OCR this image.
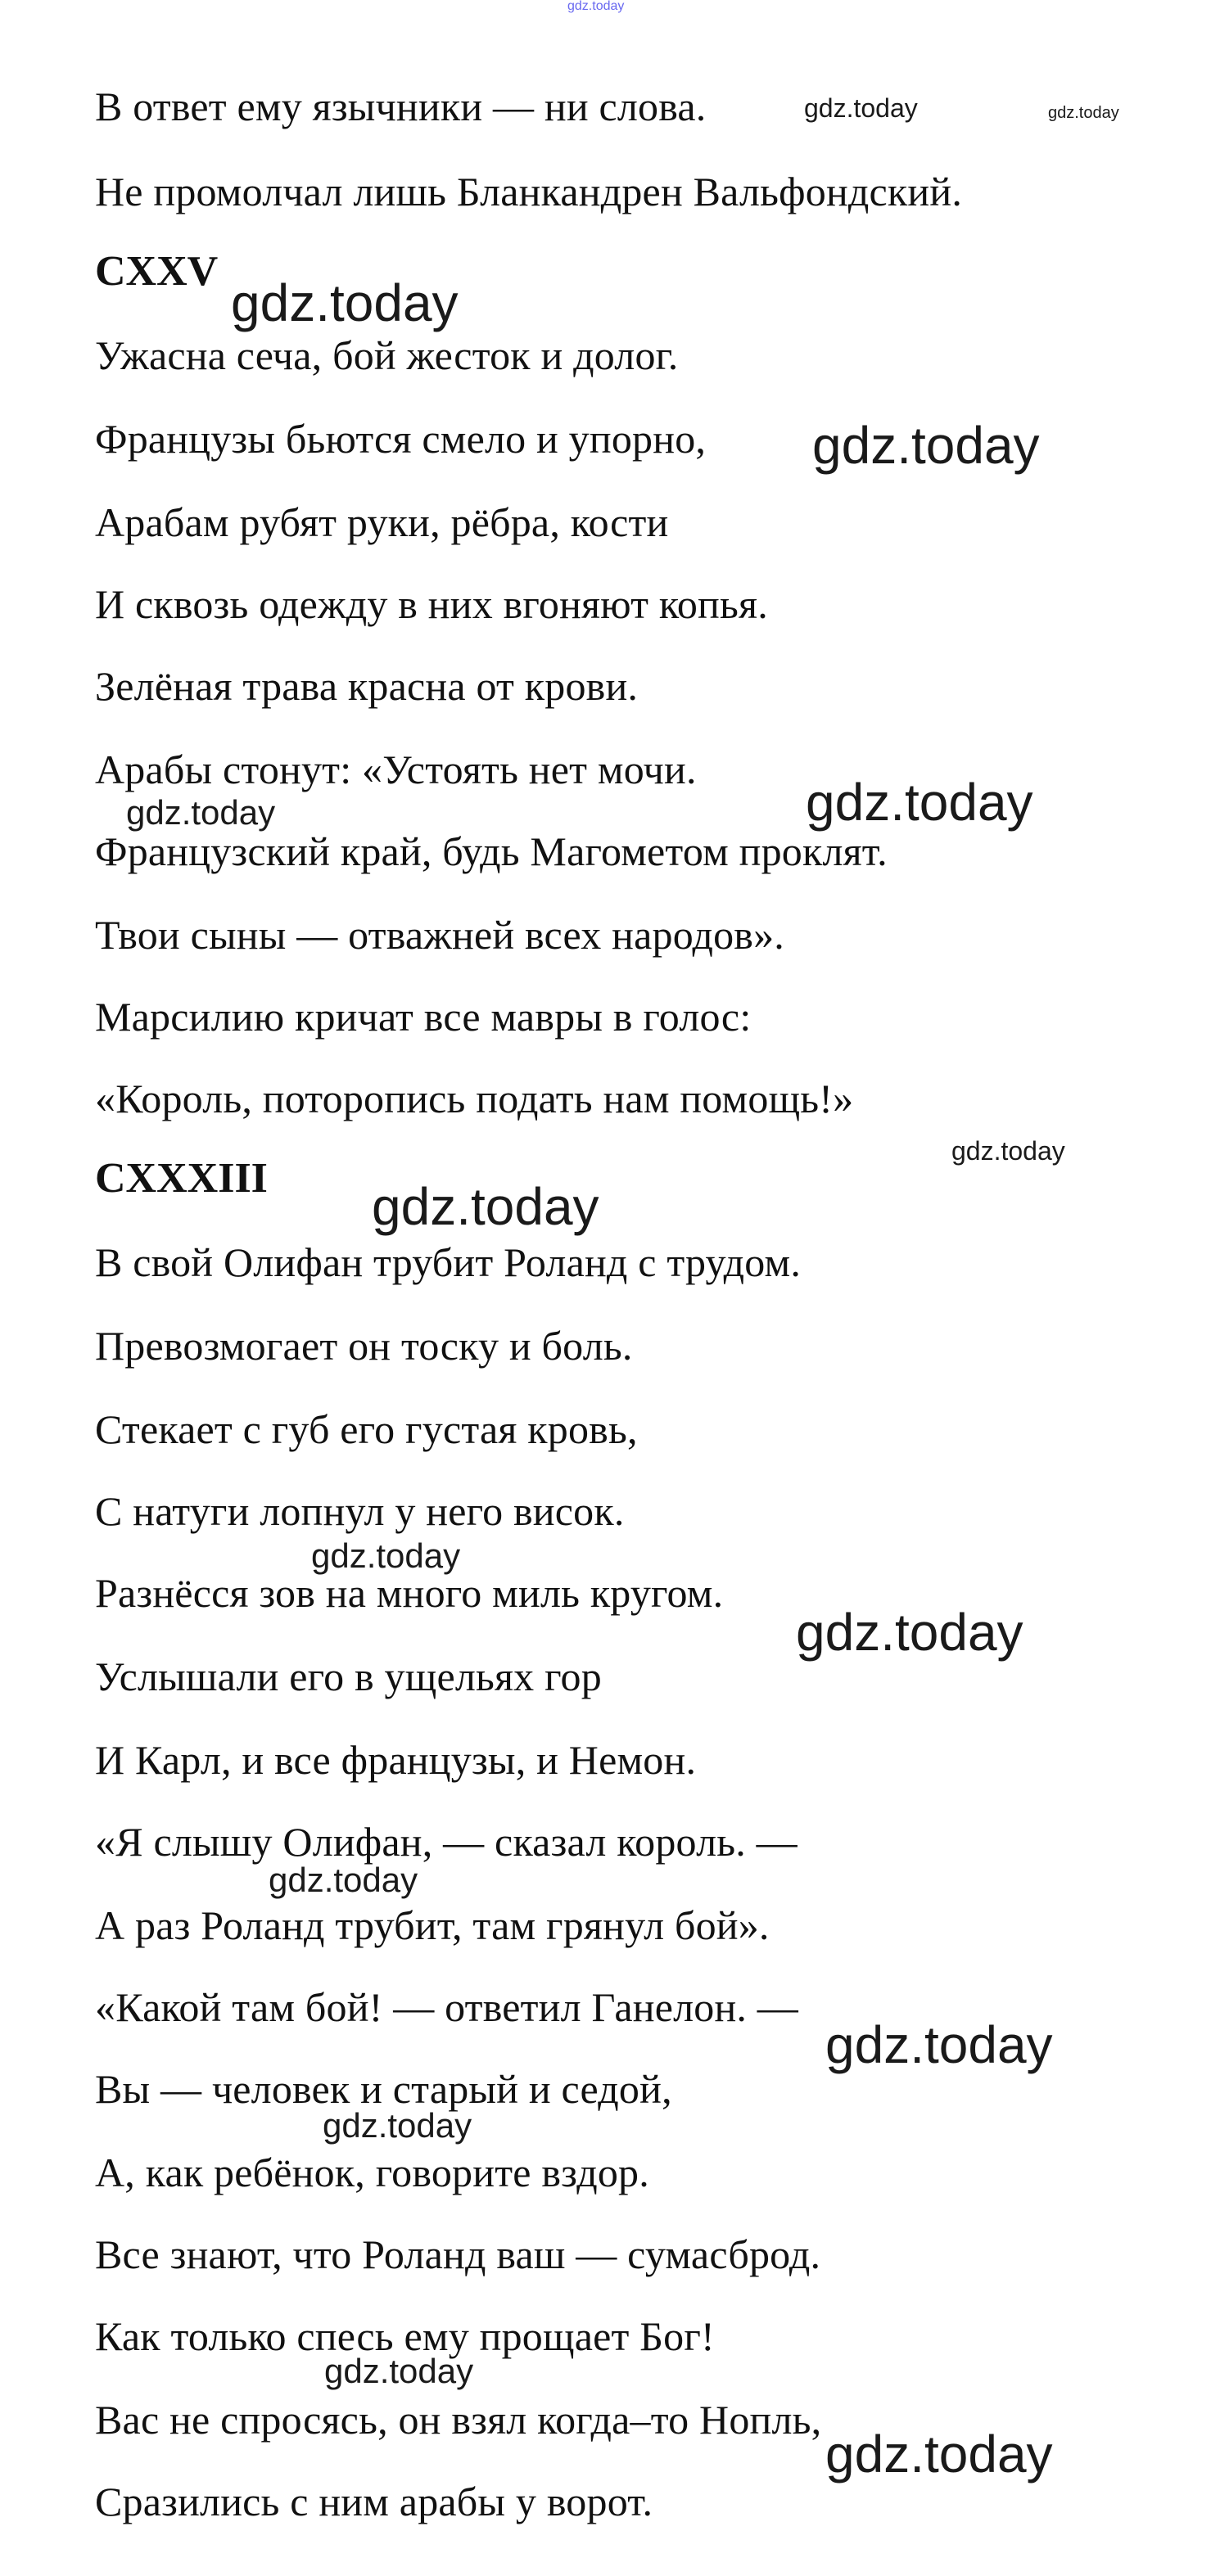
gdz.today
В ответ ему язычники — ни слова.
Не промолчал лишь Бланкандрен Вальфондский.
CXXV
Ужасна сеча, бой жесток и долог.
Французы бьются смело и упорно,
Арабам рубят руки, рёбра, кости
И сквозь одежду в них вгоняют копья.
Зелёная трава красна от крови.
Арабы стонут: «Устоять нет мочи.
Французский край, будь Магометом проклят.
Твои сыны — отважней всех народов».
Марсилию кричат все мавры в голос:
«Король, поторопись подать нам помощь!»
CXXXIII
В свой Олифан трубит Роланд с трудом.
Превозмогает он тоску и боль.
Стекает с губ его густая кровь,
С натуги лопнул у него висок.
Разнёсся зов на много миль кругом.
Услышали его в ущельях гор
И Карл, и все французы, и Немон.
«Я слышу Олифан, — сказал король. —
А раз Роланд трубит, там грянул бой».
«Какой там бой! — ответил Ганелон. —
Вы — человек и старый и седой,
А, как ребёнок, говорите вздор.
Все знают, что Роланд ваш — сумасброд.
Как только спесь ему прощает Бог!
Вас не спросясь, он взял когда–то Нопль,
Сразились с ним арабы у ворот.
gdz.today	gdz.today
gdz.today
gdz.today
gdz.today	gdz.today
gdz.today
gdz.today
gdz.today
gdz.today
gdz.today
gdz.today
gdz.today
gdz.today
gdz.today
